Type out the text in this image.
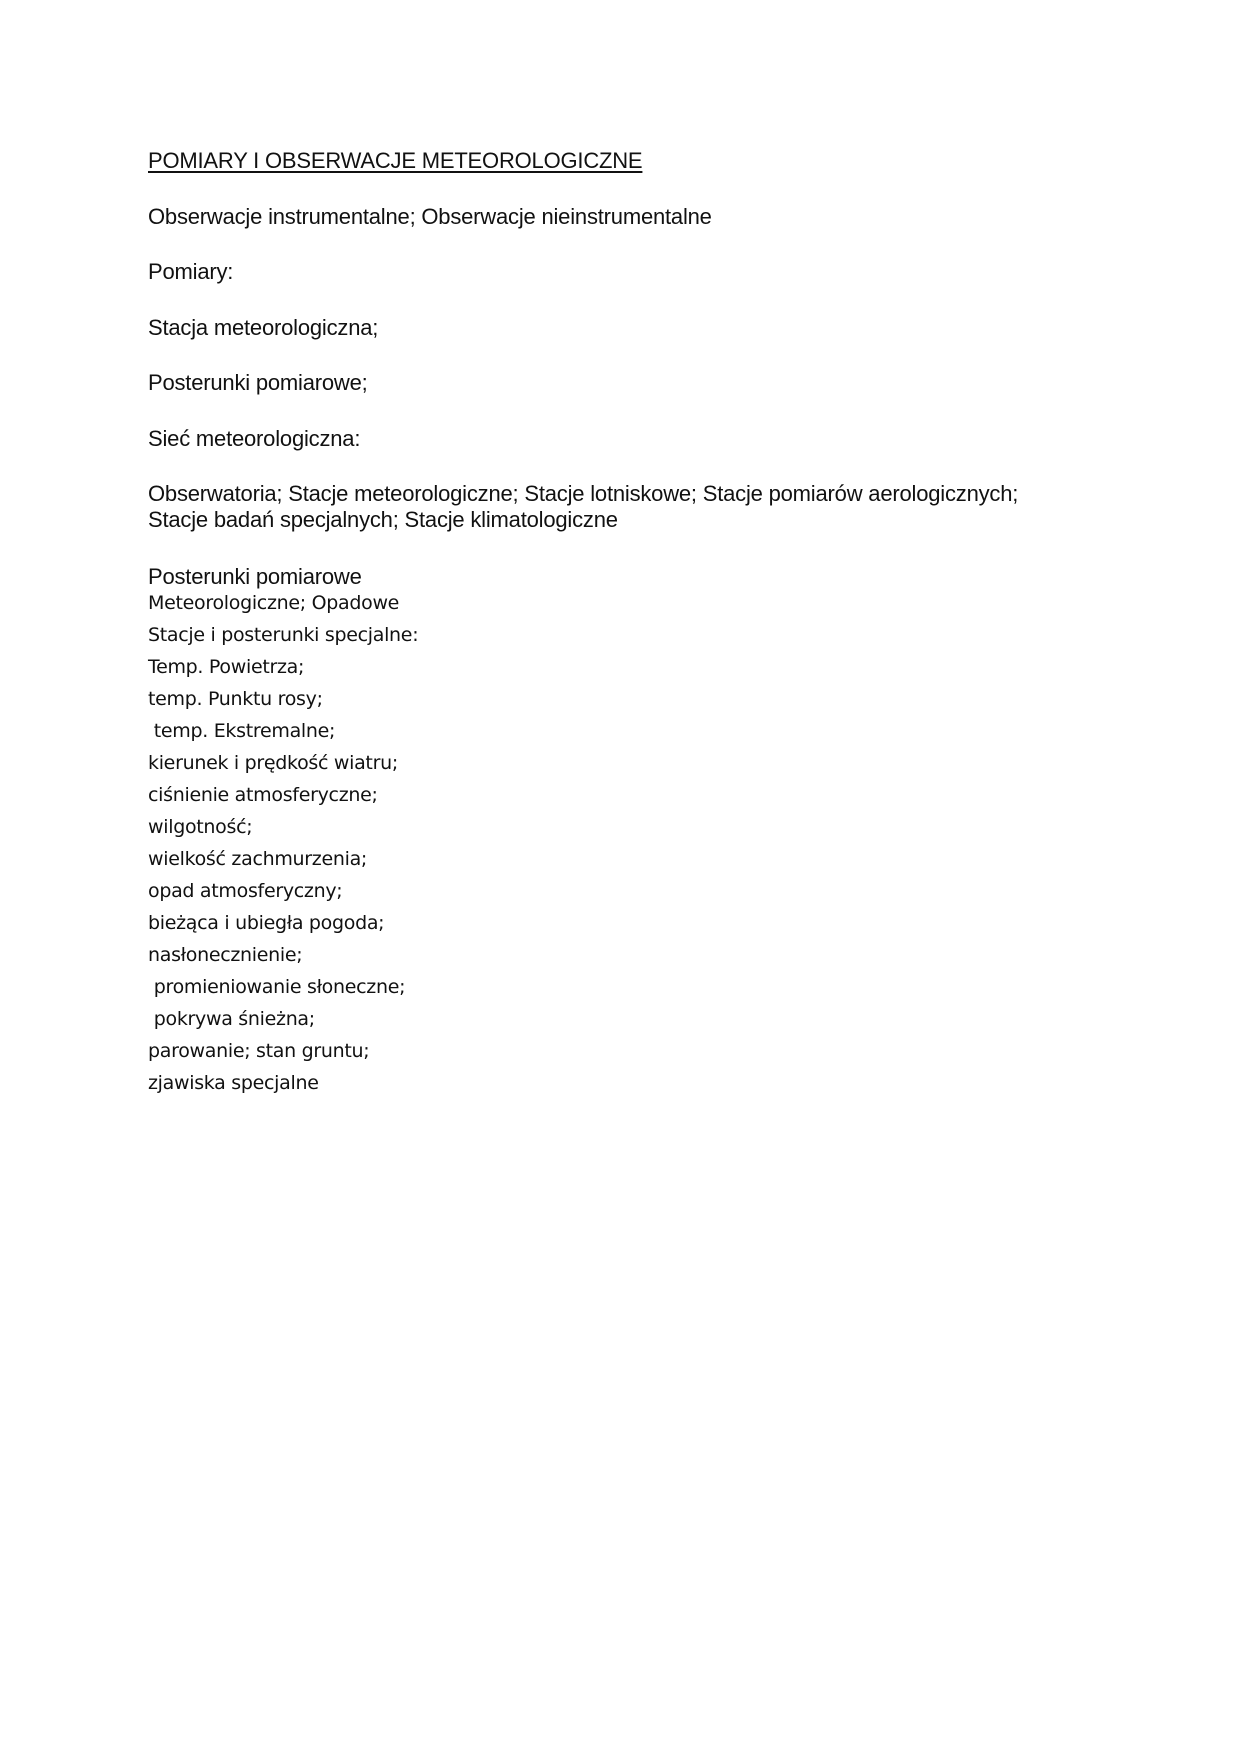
POMIARY I OBSERWACJE METEOROLOGICZNE
Obserwacje instrumentalne; Obserwacje nieinstrumentalne
Pomiary:
Stacja meteorologiczna;
Posterunki pomiarowe;
Sieć meteorologiczna:
Obserwatoria; Stacje meteorologiczne; Stacje lotniskowe; Stacje pomiarów aerologicznych;
Stacje badań specjalnych; Stacje klimatologiczne
Posterunki pomiarowe
Meteorologiczne; Opadowe
Stacje i posterunki specjalne:
Temp. Powietrza;
temp. Punktu rosy;
temp. Ekstremalne;
kierunek i prędkość wiatru;
ciśnienie atmosferyczne;
wilgotność;
wielkość zachmurzenia;
opad atmosferyczny;
bieżąca i ubiegła pogoda;
nasłonecznienie;
promieniowanie słoneczne;
pokrywa śnieżna;
parowanie; stan gruntu;
zjawiska specjalne
